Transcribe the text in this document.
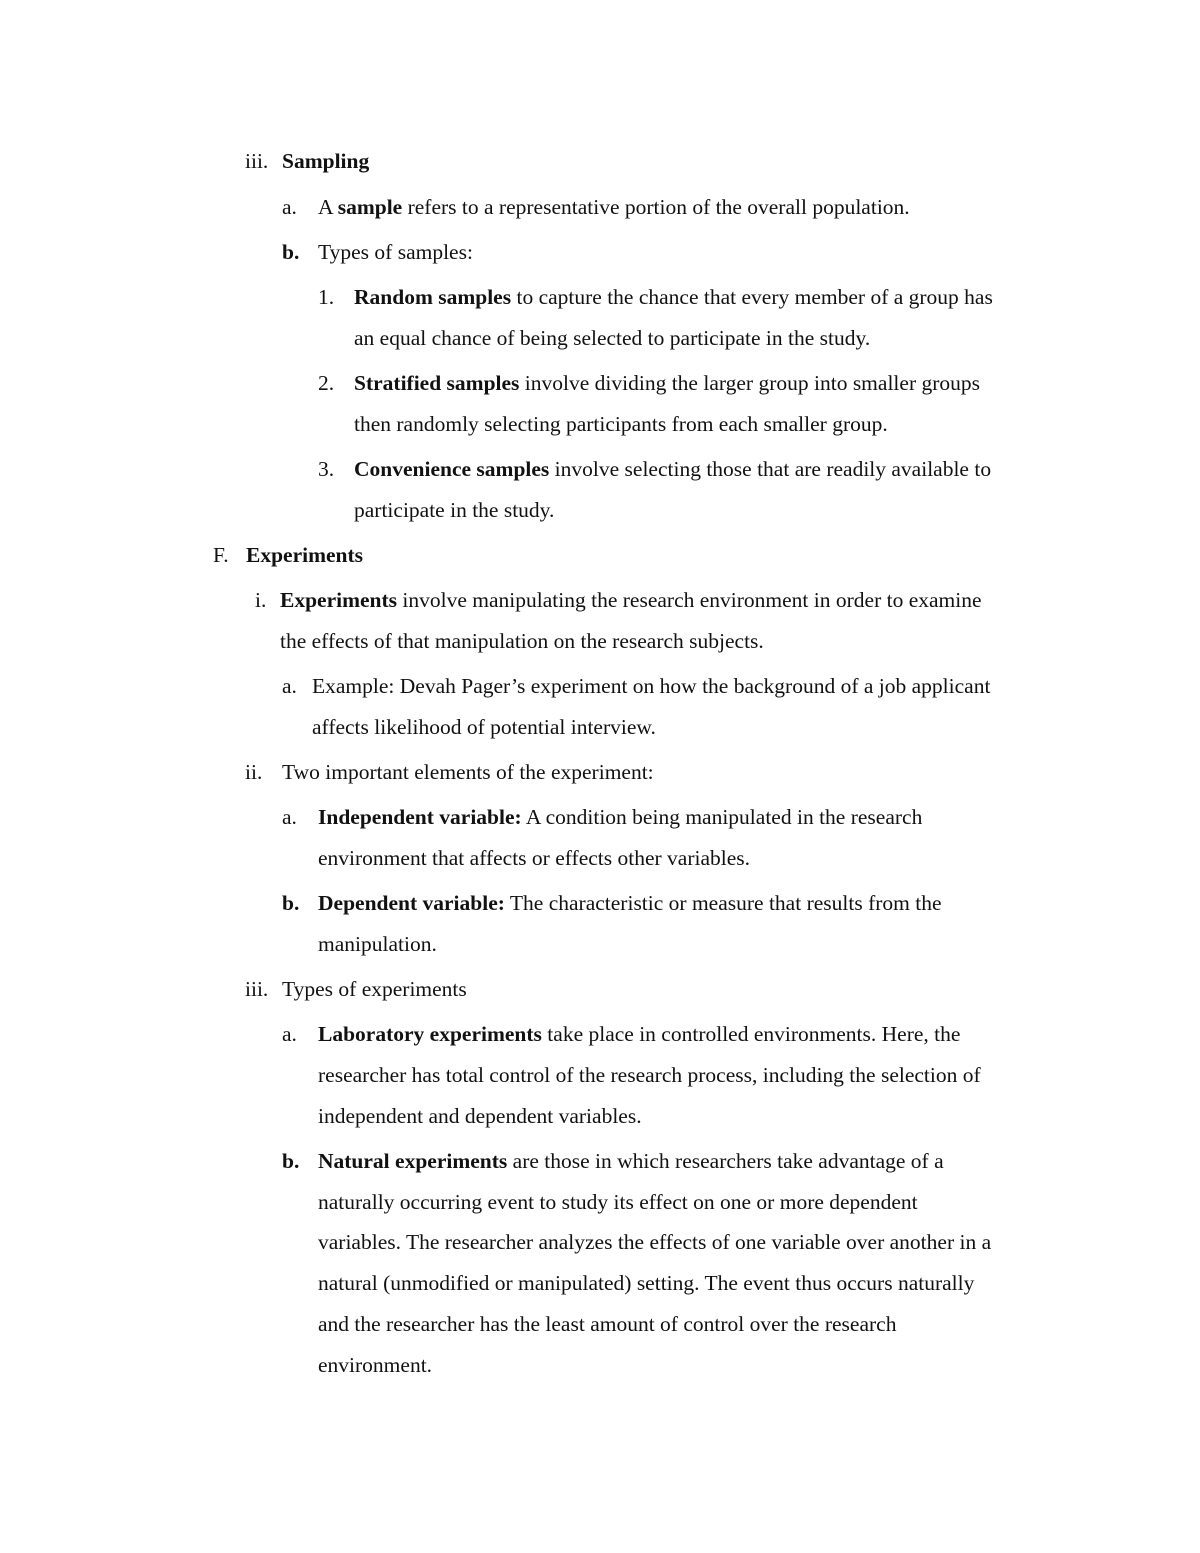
iii. Sampling
a. A sample refers to a representative portion of the overall population.
b. Types of samples:
1. Random samples to capture the chance that every member of a group has
an equal chance of being selected to participate in the study.
2. Stratified samples involve dividing the larger group into smaller groups
then randomly selecting participants from each smaller group.
3. Convenience samples involve selecting those that are readily available to
participate in the study.
F. Experiments
i. Experiments involve manipulating the research environment in order to examine
the effects of that manipulation on the research subjects.
a. Example: Devah Pager’s experiment on how the background of a job applicant
affects likelihood of potential interview.
ii. Two important elements of the experiment:
a. Independent variable: A condition being manipulated in the research
environment that affects or effects other variables.
b. Dependent variable: The characteristic or measure that results from the
manipulation.
iii. Types of experiments
a. Laboratory experiments take place in controlled environments. Here, the
researcher has total control of the research process, including the selection of
independent and dependent variables.
b. Natural experiments are those in which researchers take advantage of a
naturally occurring event to study its effect on one or more dependent
variables. The researcher analyzes the effects of one variable over another in a
natural (unmodified or manipulated) setting. The event thus occurs naturally
and the researcher has the least amount of control over the research
environment.
